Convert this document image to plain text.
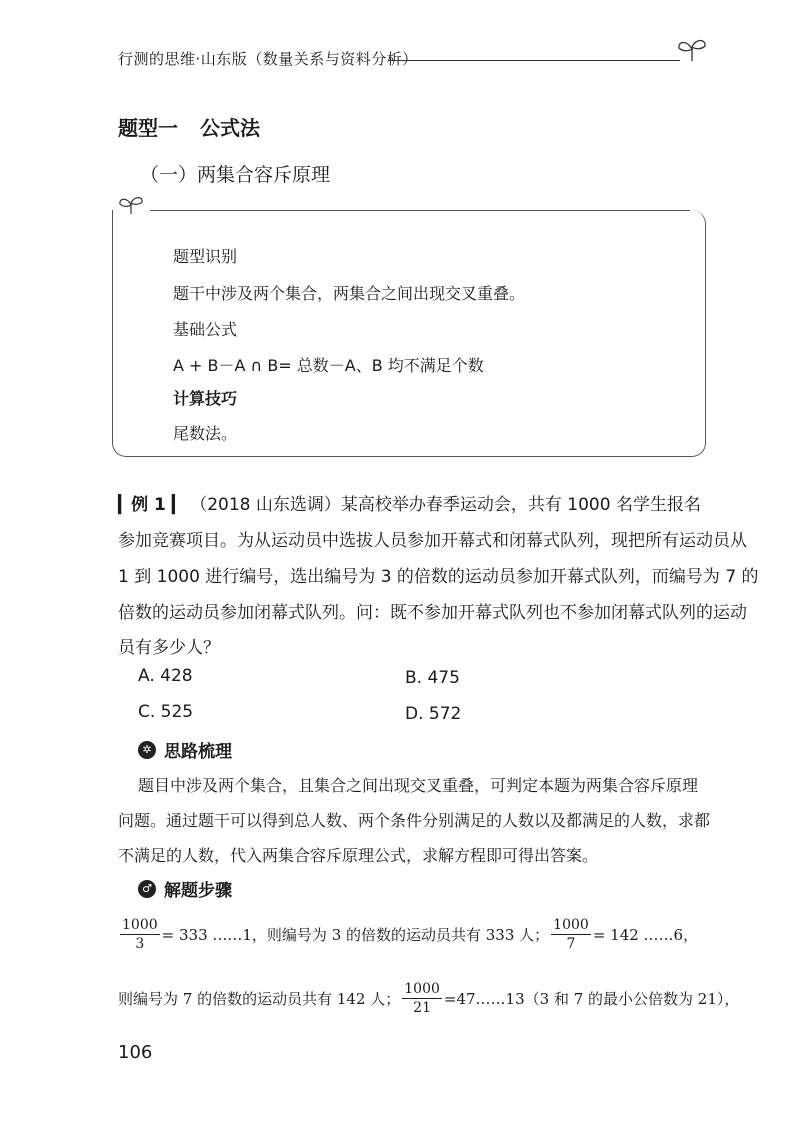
行测的思维·山东版（数量关系与资料分析）
题型一 公式法
（一）两集合容斥原理
题型识别
题干中涉及两个集合，两集合之间出现交叉重叠。
基础公式
A + B－A ∩ B= 总数－A、B 均不满足个数
计算技巧
尾数法。
▎例 1 ▎ （2018 山东选调）某高校举办春季运动会，共有 1000 名学生报名
参加竞赛项目。为从运动员中选拔人员参加开幕式和闭幕式队列，现把所有运动员从
1 到 1000 进行编号，选出编号为 3 的倍数的运动员参加开幕式队列，而编号为 7 的
倍数的运动员参加闭幕式队列。问：既不参加开幕式队列也不参加闭幕式队列的运动
员有多少人？
A. 428	B. 475
C. 525	D. 572
✲ 思路梳理
题目中涉及两个集合，且集合之间出现交叉重叠，可判定本题为两集合容斥原理
问题。通过题干可以得到总人数、两个条件分别满足的人数以及都满足的人数，求都
不满足的人数，代入两集合容斥原理公式，求解方程即可得出答案。
♂ 解题步骤
$\frac{1000}{3} = 333$ ……1，则编号为 3 的倍数的运动员共有 333 人； $\frac{1000}{7} = 142$ ……6，
则编号为 7 的倍数的运动员共有 142 人； $\frac{1000}{21}$ =47……13（3 和 7 的最小公倍数为 21），
106
